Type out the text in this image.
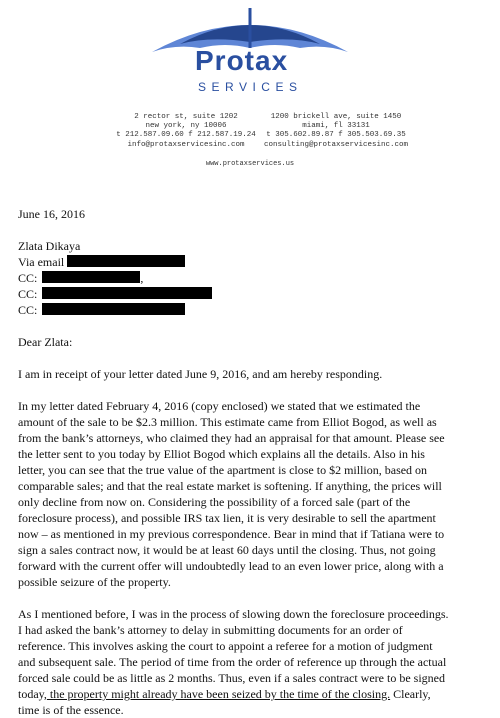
Protax
SERVICES
2 rector st, suite 1202
new york, ny 10006
t 212.587.09.60 f 212.587.19.24
info@protaxservicesinc.com
1200 brickell ave, suite 1450
miami, fl 33131
t 305.602.89.87 f 305.503.69.35
consulting@protaxservicesinc.com
www.protaxservices.us
June 16, 2016
Zlata Dikaya
Via email
CC:	,
CC:
CC:
Dear Zlata:
I am in receipt of your letter dated June 9, 2016, and am hereby responding.
In my letter dated February 4, 2016 (copy enclosed) we stated that we estimated the
amount of the sale to be $2.3 million. This estimate came from Elliot Bogod, as well as
from the bank’s attorneys, who claimed they had an appraisal for that amount. Please see
the letter sent to you today by Elliot Bogod which explains all the details. Also in his
letter, you can see that the true value of the apartment is close to $2 million, based on
comparable sales; and that the real estate market is softening. If anything, the prices will
only decline from now on. Considering the possibility of a forced sale (part of the
foreclosure process), and possible IRS tax lien, it is very desirable to sell the apartment
now – as mentioned in my previous correspondence. Bear in mind that if Tatiana were to
sign a sales contract now, it would be at least 60 days until the closing. Thus, not going
forward with the current offer will undoubtedly lead to an even lower price, along with a
possible seizure of the property.
As I mentioned before, I was in the process of slowing down the foreclosure proceedings.
I had asked the bank’s attorney to delay in submitting documents for an order of
reference. This involves asking the court to appoint a referee for a motion of judgment
and subsequent sale. The period of time from the order of reference up through the actual
forced sale could be as little as 2 months. Thus, even if a sales contract were to be signed
today, the property might already have been seized by the time of the closing. Clearly,
time is of the essence.
